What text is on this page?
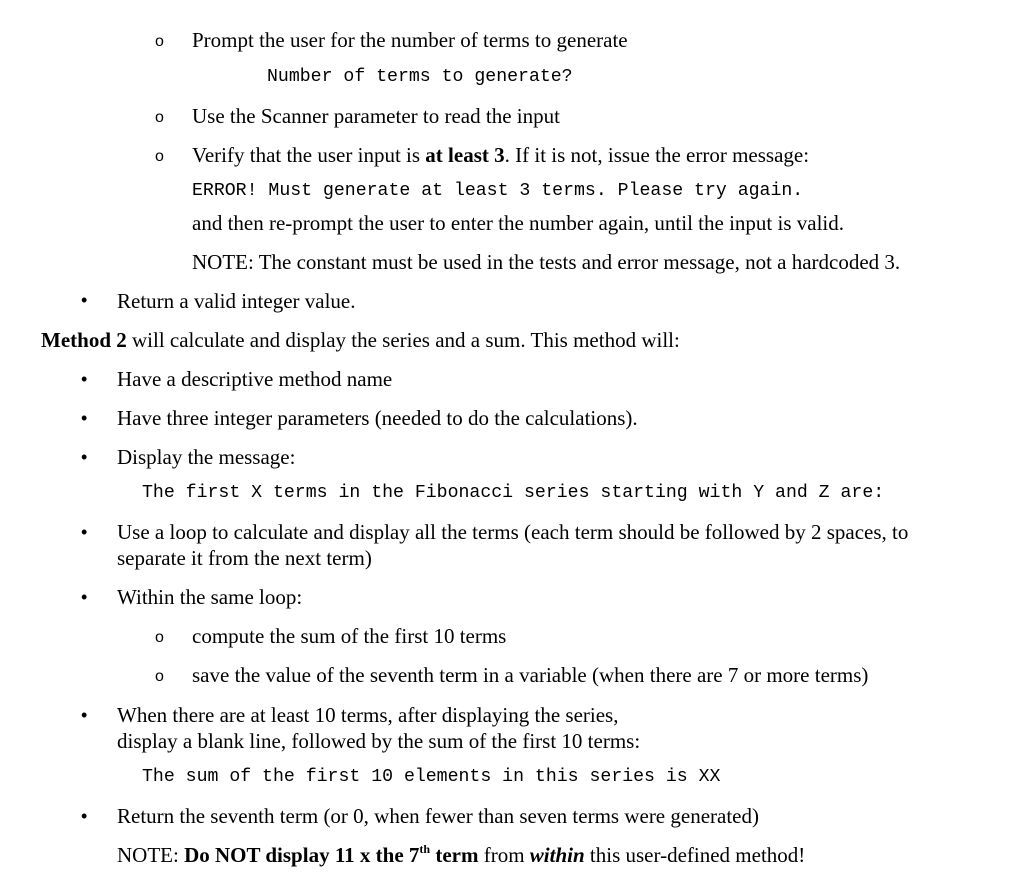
o Prompt the user for the number of terms to generate
Number of terms to generate?
o Use the Scanner parameter to read the input
o Verify that the user input is at least 3. If it is not, issue the error message:
ERROR! Must generate at least 3 terms. Please try again.
and then re-prompt the user to enter the number again, until the input is valid.
NOTE: The constant must be used in the tests and error message, not a hardcoded 3.
• Return a valid integer value.
Method 2 will calculate and display the series and a sum. This method will:
• Have a descriptive method name
• Have three integer parameters (needed to do the calculations).
• Display the message:
The first X terms in the Fibonacci series starting with Y and Z are:
• Use a loop to calculate and display all the terms (each term should be followed by 2 spaces, to
separate it from the next term)
• Within the same loop:
o compute the sum of the first 10 terms
o save the value of the seventh term in a variable (when there are 7 or more terms)
• When there are at least 10 terms, after displaying the series,
display a blank line, followed by the sum of the first 10 terms:
The sum of the first 10 elements in this series is XX
• Return the seventh term (or 0, when fewer than seven terms were generated)
NOTE: Do NOT display 11 x the 7th term from within this user-defined method!
